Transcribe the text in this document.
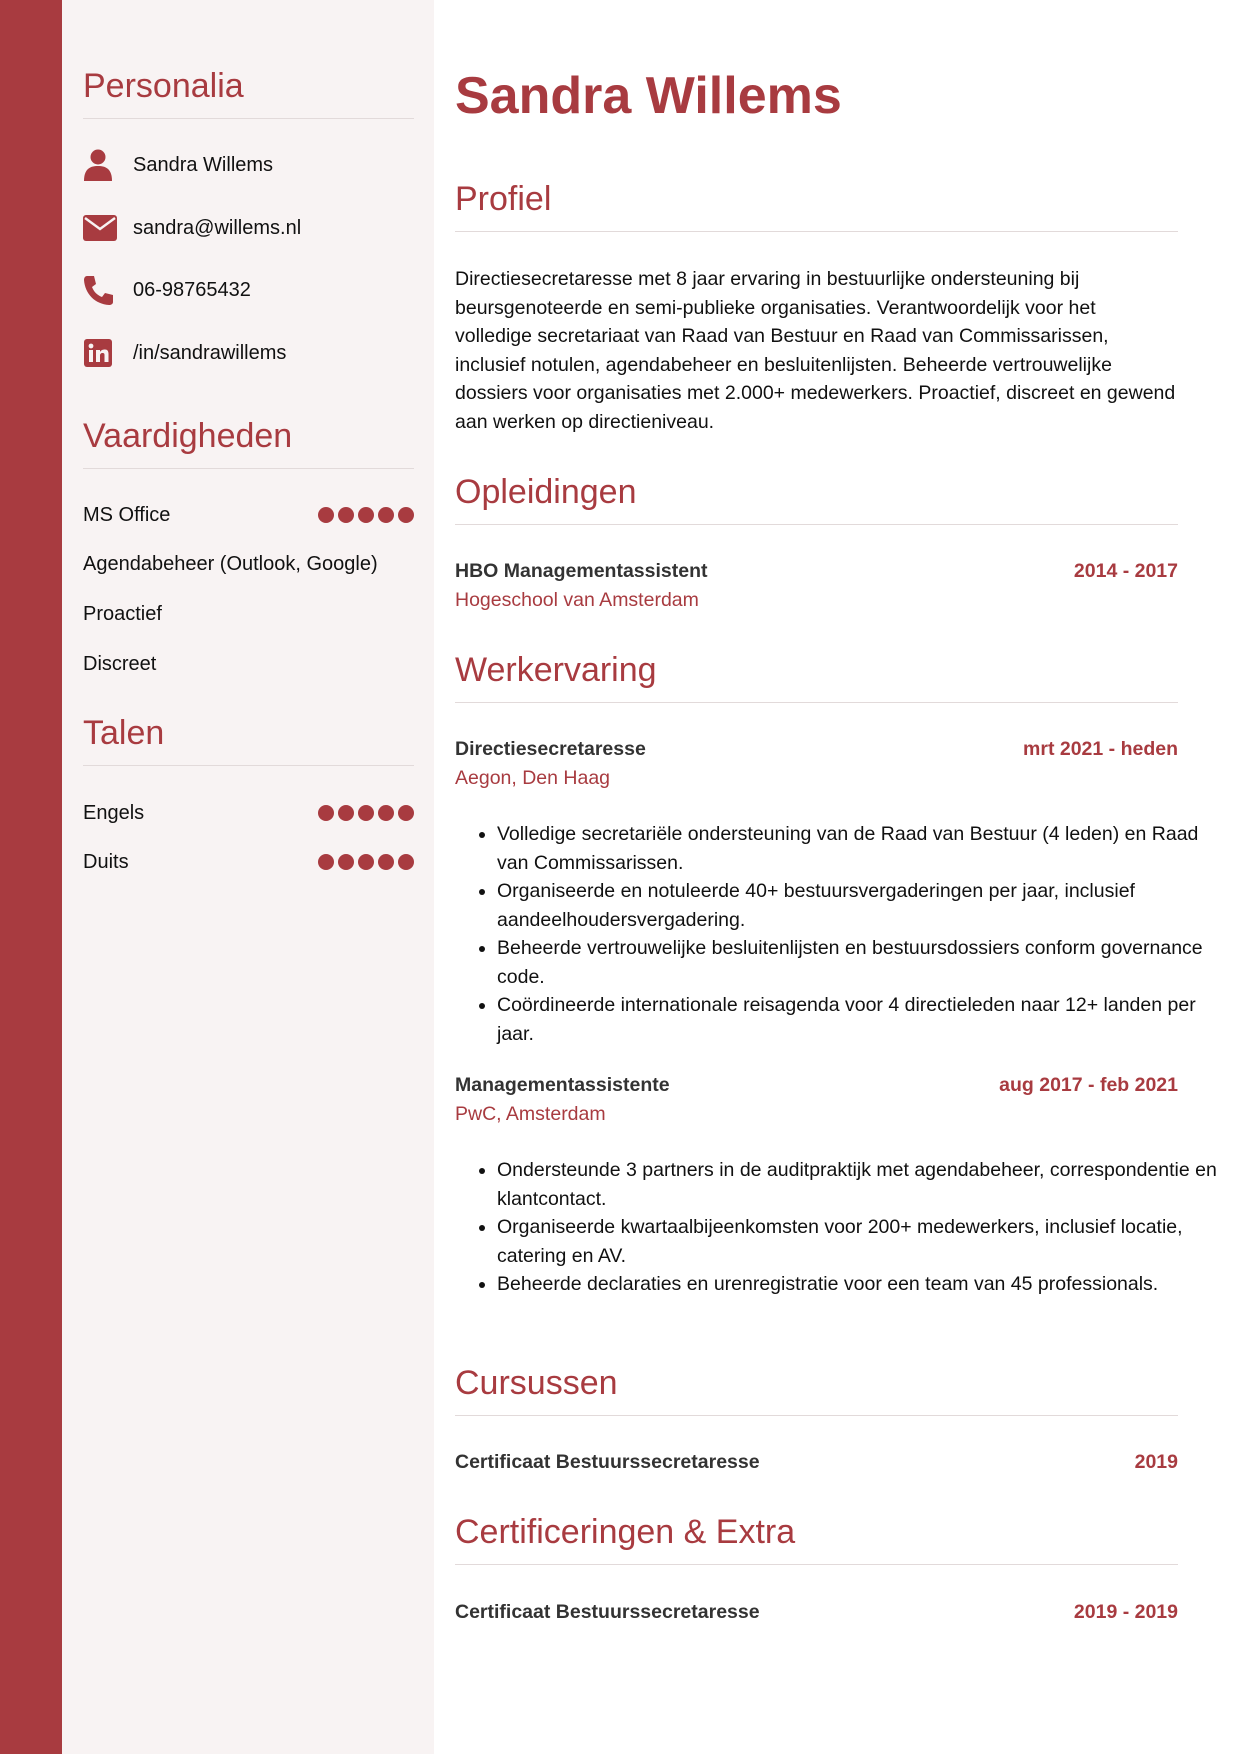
Personalia
Sandra Willems
sandra@willems.nl
06-98765432
/in/sandrawillems
Vaardigheden
MS Office
Agendabeheer (Outlook, Google)
Proactief
Discreet
Talen
Engels
Duits
Sandra Willems
Profiel

Directiesecretaresse met 8 jaar ervaring in bestuurlijke ondersteuning bij beursgenoteerde en semi-publieke organisaties. Verantwoordelijk voor het volledige secretariaat van Raad van Bestuur en Raad van Commissarissen, inclusief notulen, agendabeheer en besluitenlijsten. Beheerde vertrouwelijke dossiers voor organisaties met 2.000+ medewerkers. Proactief, discreet en gewend aan werken op directieniveau.

Opleidingen
HBO Managementassistent	2014 - 2017
Hogeschool van Amsterdam
Werkervaring
Directiesecretaresse	mrt 2021 - heden
Aegon, Den Haag
• Volledige secretariële ondersteuning van de Raad van Bestuur (4 leden) en Raad van Commissarissen.
• Organiseerde en notuleerde 40+ bestuursvergaderingen per jaar, inclusief aandeelhoudersvergadering.
• Beheerde vertrouwelijke besluitenlijsten en bestuursdossiers conform governance code.
• Coördineerde internationale reisagenda voor 4 directieleden naar 12+ landen per jaar.
Managementassistente	aug 2017 - feb 2021
PwC, Amsterdam
• Ondersteunde 3 partners in de auditpraktijk met agendabeheer, correspondentie en klantcontact.
• Organiseerde kwartaalbijeenkomsten voor 200+ medewerkers, inclusief locatie, catering en AV.
• Beheerde declaraties en urenregistratie voor een team van 45 professionals.
Cursussen
Certificaat Bestuurssecretaresse	2019
Certificeringen & Extra
Certificaat Bestuurssecretaresse	2019 - 2019
